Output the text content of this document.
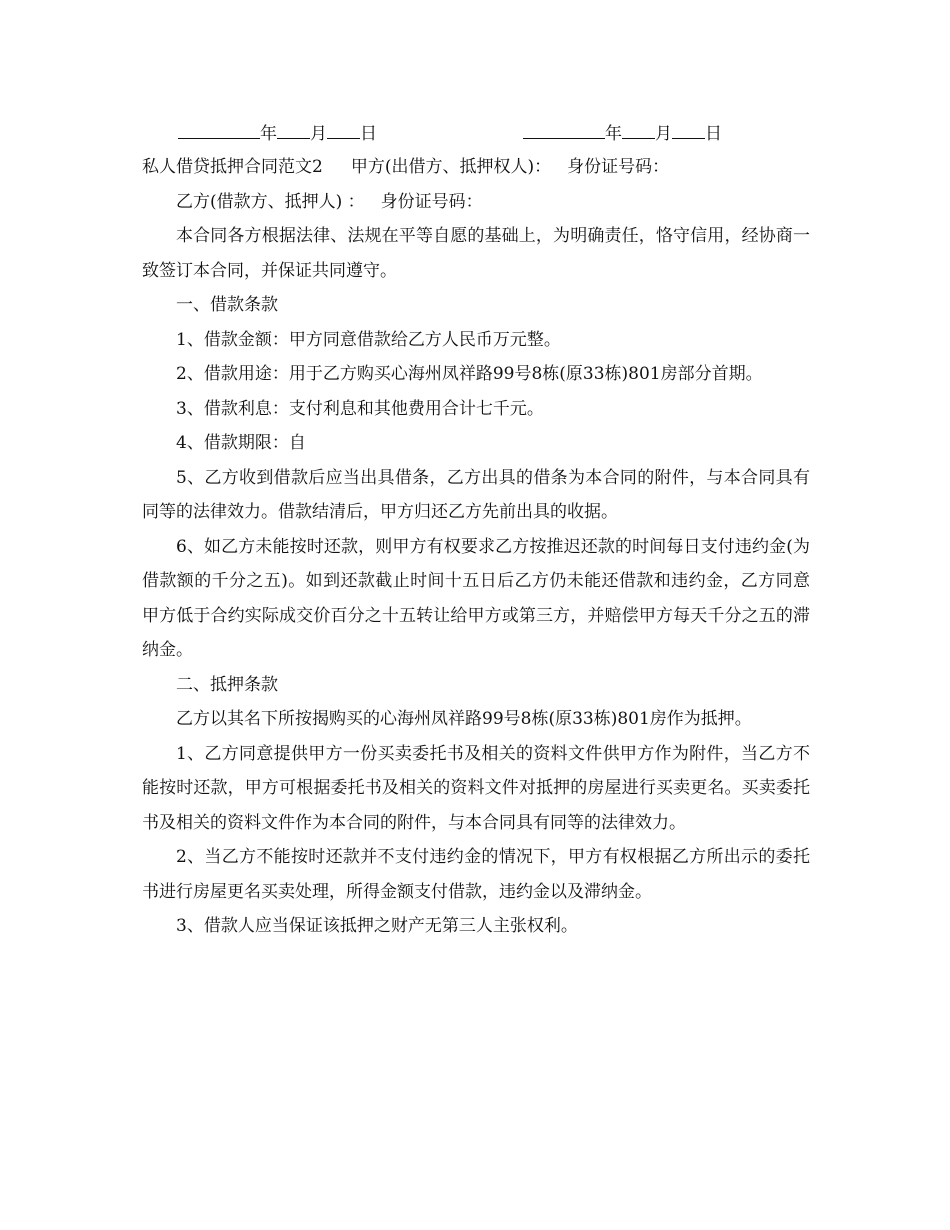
年 月 日	年 月 日

私人借贷抵押合同范文2 甲方(出借方、抵押权人)： 身份证号码：

乙方(借款方、抵押人) ： 身份证号码：

本合同各方根据法律、法规在平等自愿的基础上，为明确责任，恪守信用，经协商一致签订本合同，并保证共同遵守。

一、借款条款

1、借款金额：甲方同意借款给乙方人民币万元整。

2、借款用途：用于乙方购买心海州凤祥路99号8栋(原33栋)801房部分首期。

3、借款利息：支付利息和其他费用合计七千元。

4、借款期限：自

5、乙方收到借款后应当出具借条，乙方出具的借条为本合同的附件，与本合同具有同等的法律效力。借款结清后，甲方归还乙方先前出具的收据。

6、如乙方未能按时还款，则甲方有权要求乙方按推迟还款的时间每日支付违约金(为借款额的千分之五)。如到还款截止时间十五日后乙方仍未能还借款和违约金，乙方同意甲方低于合约实际成交价百分之十五转让给甲方或第三方，并赔偿甲方每天千分之五的滞纳金。

二、抵押条款

乙方以其名下所按揭购买的心海州凤祥路99号8栋(原33栋)801房作为抵押。

1、乙方同意提供甲方一份买卖委托书及相关的资料文件供甲方作为附件，当乙方不能按时还款，甲方可根据委托书及相关的资料文件对抵押的房屋进行买卖更名。买卖委托书及相关的资料文件作为本合同的附件，与本合同具有同等的法律效力。

2、当乙方不能按时还款并不支付违约金的情况下，甲方有权根据乙方所出示的委托书进行房屋更名买卖处理，所得金额支付借款，违约金以及滞纳金。

3、借款人应当保证该抵押之财产无第三人主张权利。
